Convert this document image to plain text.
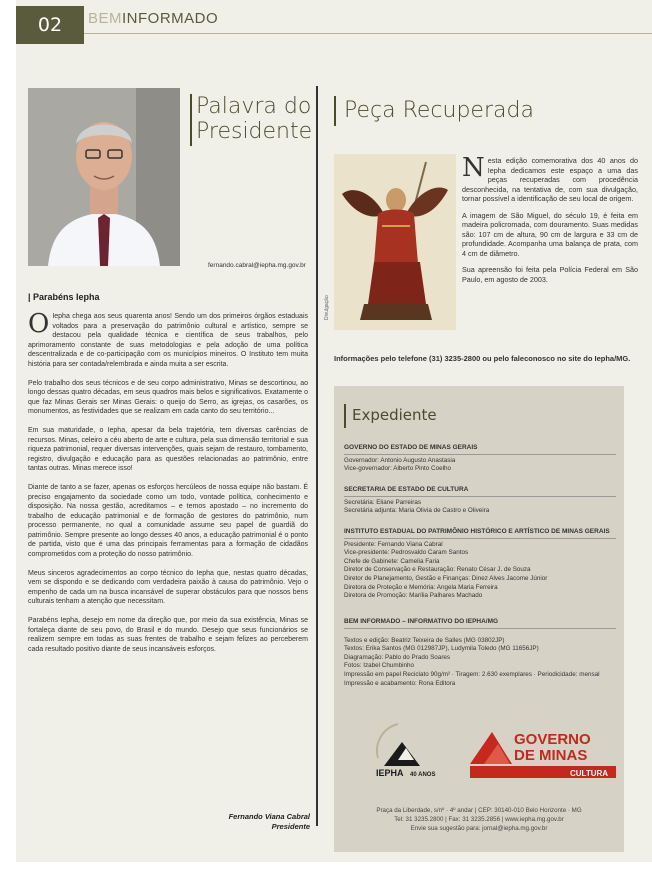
02	BEMINFORMADO
Palavra do
Presidente
fernando.cabral@iepha.mg.gov.br
| Parabéns Iepha

O Iepha chega aos seus quarenta anos! Sendo um dos primeiros órgãos estaduais voltados para a preservação do patrimônio cultural e artístico, sempre se destacou pela qualidade técnica e científica de seus trabalhos, pelo aprimoramento constante de suas metodologias e pela adoção de uma política descentralizada e de co-participação com os municípios mineiros. O Instituto tem muita história para ser contada/relembrada e ainda muita a ser escrita.

Pelo trabalho dos seus técnicos e de seu corpo administrativo, Minas se descortinou, ao longo dessas quatro décadas, em seus quadros mais belos e significativos. Exatamente o que faz Minas Gerais ser Minas Gerais: o queijo do Serro, as igrejas, os casarões, os monumentos, as festividades que se realizam em cada canto do seu território...

Em sua maturidade, o Iepha, apesar da bela trajetória, tem diversas carências de recursos. Minas, celeiro a céu aberto de arte e cultura, pela sua dimensão territorial e sua riqueza patrimonial, requer diversas intervenções, quais sejam de restauro, tombamento, registro, divulgação e educação para as questões relacionadas ao patrimônio, entre tantas outras. Minas merece isso!

Diante de tanto a se fazer, apenas os esforços hercúleos de nossa equipe não bastam. É preciso engajamento da sociedade como um todo, vontade política, conhecimento e disposição. Na nossa gestão, acreditamos – e temos apostado – no incremento do trabalho de educação patrimonial e de formação de gestores do patrimônio, num processo permanente, no qual a comunidade assume seu papel de guardiã do patrimônio. Sempre presente ao longo desses 40 anos, a educação patrimonial é o ponto de partida, visto que é uma das principais ferramentas para a formação de cidadãos comprometidos com a proteção do nosso patrimônio.

Meus sinceros agradecimentos ao corpo técnico do Iepha que, nestas quatro décadas, vem se dispondo e se dedicando com verdadeira paixão à causa do patrimônio. Vejo o empenho de cada um na busca incansável de superar obstáculos para que nossos bens culturais tenham a atenção que necessitam.

Parabéns Iepha, desejo em nome da direção que, por meio da sua existência, Minas se fortaleça diante de seu povo, do Brasil e do mundo. Desejo que seus funcionários se realizem sempre em todas as suas frentes de trabalho e sejam felizes ao perceberem cada resultado positivo diante de seus incansáveis esforços.

Fernando Viana Cabral
Presidente
Peça Recuperada
Divulgação

Nesta edição comemorativa dos 40 anos do Iepha dedicamos este espaço a uma das peças recuperadas com procedência desconhecida, na tentativa de, com sua divulgação, tornar possível a identificação de seu local de origem.

A imagem de São Miguel, do século 19, é feita em madeira policromada, com douramento. Suas medidas são: 107 cm de altura, 90 cm de largura e 33 cm de profundidade. Acompanha uma balança de prata, com 4 cm de diâmetro.

Sua apreensão foi feita pela Polícia Federal em São Paulo, em agosto de 2003.

Informações pelo telefone (31) 3235-2800 ou pelo faleconosco no site do Iepha/MG.
Expediente
GOVERNO DO ESTADO DE MINAS GERAIS
Governador: Antonio Augusto Anastasia
Vice-governador: Alberto Pinto Coelho
SECRETARIA DE ESTADO DE CULTURA
Secretária: Eliane Parreiras
Secretária adjunta: Maria Olivia de Castro e Oliveira
INSTITUTO ESTADUAL DO PATRIMÔNIO HISTÓRICO E ARTÍSTICO DE MINAS GERAIS
Presidente: Fernando Viana Cabral
Vice-presidente: Pedrosvaldo Caram Santos
Chefe de Gabinete: Camelia Faria
Diretor de Conservação e Restauração: Renato César J. de Souza
Diretor de Planejamento, Gestão e Finanças: Dinez Alves Jacome Júnior
Diretora de Proteção e Memória: Angela Maria Ferreira
Diretora de Promoção: Marília Palhares Machado
BEM INFORMADO – INFORMATIVO DO IEPHA/MG
Textos e edição: Beatriz Teixeira de Salles (MG 03802JP)
Textos: Erika Santos (MG 012987JP), Ludymila Toledo (MG 11656JP)
Diagramação: Pablo do Prado Soares
Fotos: Izabel Chumbinho
Impressão em papel Reciclato 90g/m² · Tiragem: 2.630 exemplares · Periodicidade: mensal
Impressão e acabamento: Rona Editora
IEPHA 40 ANOS
GOVERNO
DE MINAS
CULTURA
Praça da Liberdade, s/nº · 4º andar | CEP: 30140-010 Belo Horizonte · MG
Tel: 31 3235.2800 | Fax: 31 3235.2856 | www.iepha.mg.gov.br
Envie sua sugestão para: jornal@iepha.mg.gov.br
